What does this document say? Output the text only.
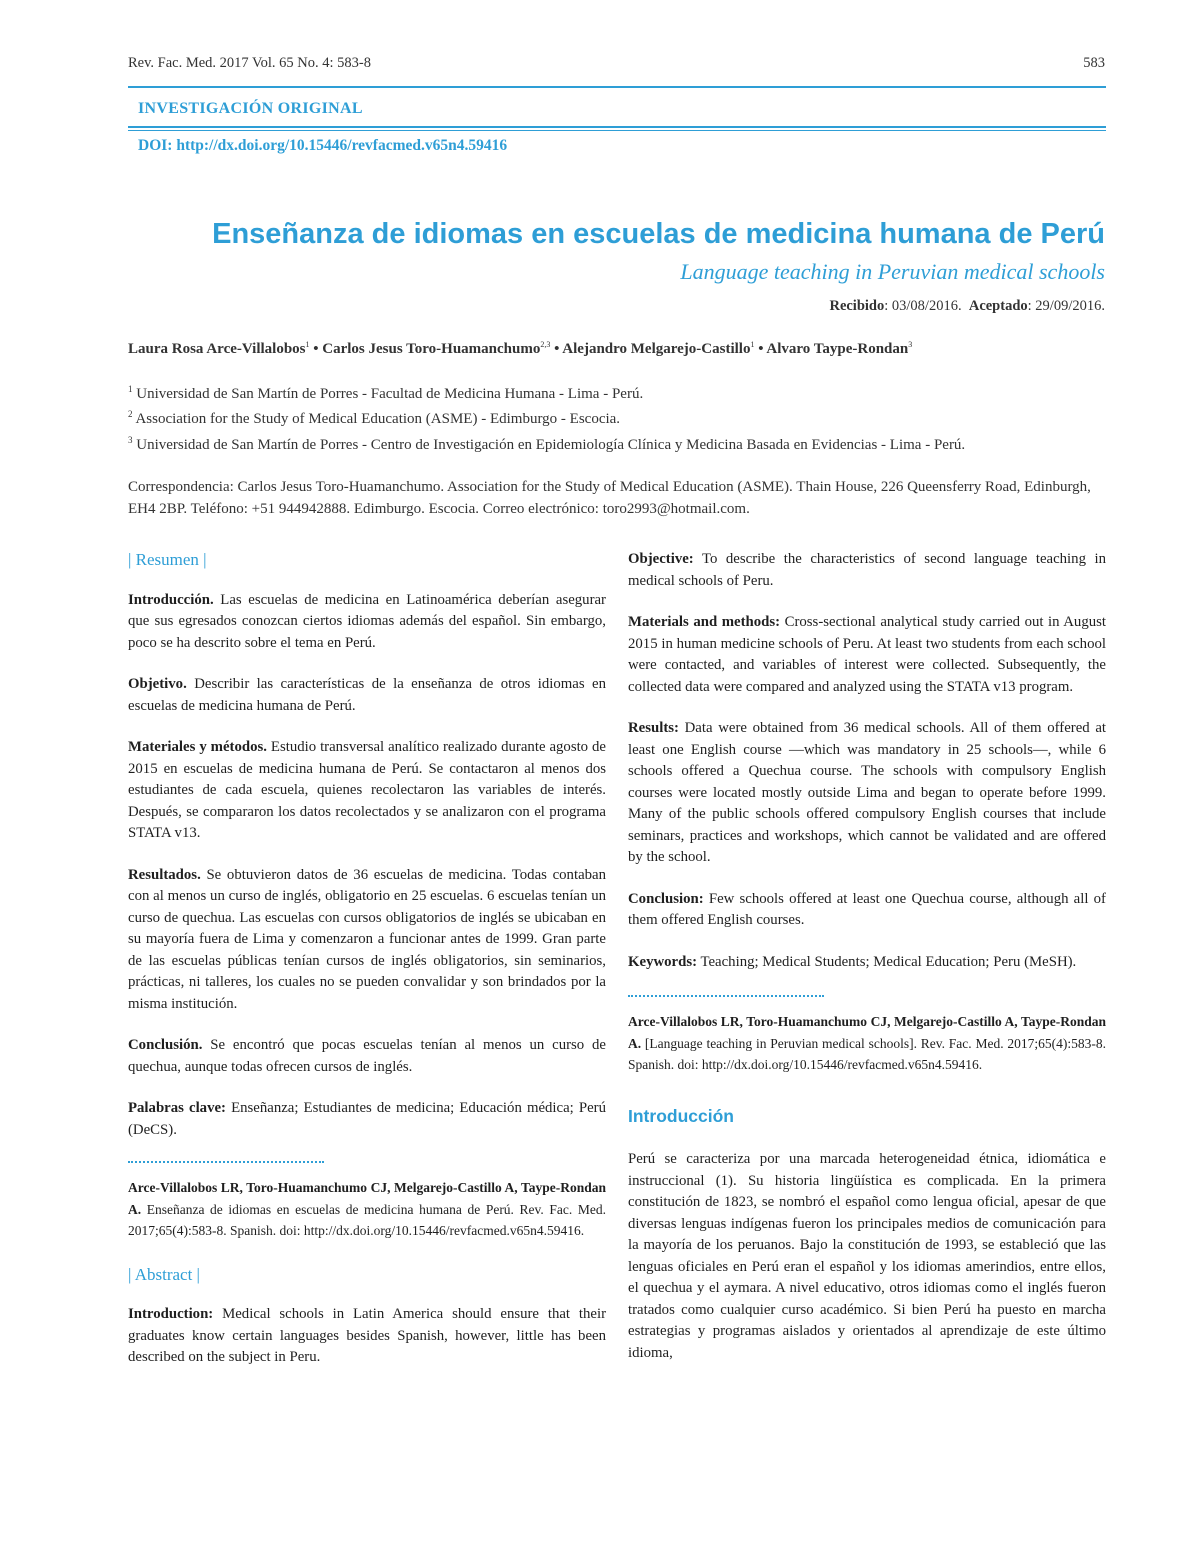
Rev. Fac. Med. 2017 Vol. 65 No. 4: 583-8	583
INVESTIGACIÓN ORIGINAL
DOI: http://dx.doi.org/10.15446/revfacmed.v65n4.59416
Enseñanza de idiomas en escuelas de medicina humana de Perú
Language teaching in Peruvian medical schools
Recibido: 03/08/2016. Aceptado: 29/09/2016.
Laura Rosa Arce-Villalobos$^1$ • Carlos Jesus Toro-Huamanchumo$^{2,3}$ • Alejandro Melgarejo-Castillo$^1$ • Alvaro Taype-Rondan$^3$
$^1$ Universidad de San Martín de Porres - Facultad de Medicina Humana - Lima - Perú.
$^2$ Association for the Study of Medical Education (ASME) - Edimburgo - Escocia.
$^3$ Universidad de San Martín de Porres - Centro de Investigación en Epidemiología Clínica y Medicina Basada en Evidencias - Lima - Perú.
Correspondencia: Carlos Jesus Toro-Huamanchumo. Association for the Study of Medical Education (ASME). Thain House, 226 Queensferry Road, Edinburgh, EH4 2BP. Teléfono: +51 944942888. Edimburgo. Escocia. Correo electrónico: toro2993@hotmail.com.
| Resumen |

Introducción. Las escuelas de medicina en Latinoamérica deberían asegurar que sus egresados conozcan ciertos idiomas además del español. Sin embargo, poco se ha descrito sobre el tema en Perú.

Objetivo. Describir las características de la enseñanza de otros idiomas en escuelas de medicina humana de Perú.

Materiales y métodos. Estudio transversal analítico realizado durante agosto de 2015 en escuelas de medicina humana de Perú. Se contactaron al menos dos estudiantes de cada escuela, quienes recolectaron las variables de interés. Después, se compararon los datos recolectados y se analizaron con el programa STATA v13.

Resultados. Se obtuvieron datos de 36 escuelas de medicina. Todas contaban con al menos un curso de inglés, obligatorio en 25 escuelas. 6 escuelas tenían un curso de quechua. Las escuelas con cursos obligatorios de inglés se ubicaban en su mayoría fuera de Lima y comenzaron a funcionar antes de 1999. Gran parte de las escuelas públicas tenían cursos de inglés obligatorios, sin seminarios, prácticas, ni talleres, los cuales no se pueden convalidar y son brindados por la misma institución.

Conclusión. Se encontró que pocas escuelas tenían al menos un curso de quechua, aunque todas ofrecen cursos de inglés.

Palabras clave: Enseñanza; Estudiantes de medicina; Educación médica; Perú (DeCS).

Arce-Villalobos LR, Toro-Huamanchumo CJ, Melgarejo-Castillo A, Taype-Rondan A. Enseñanza de idiomas en escuelas de medicina humana de Perú. Rev. Fac. Med. 2017;65(4):583-8. Spanish. doi: http://dx.doi.org/10.15446/revfacmed.v65n4.59416.

| Abstract |

Introduction: Medical schools in Latin America should ensure that their graduates know certain languages besides Spanish, however, little has been described on the subject in Peru.

Objective: To describe the characteristics of second language teaching in medical schools of Peru.

Materials and methods: Cross-sectional analytical study carried out in August 2015 in human medicine schools of Peru. At least two students from each school were contacted, and variables of interest were collected. Subsequently, the collected data were compared and analyzed using the STATA v13 program.

Results: Data were obtained from 36 medical schools. All of them offered at least one English course —which was mandatory in 25 schools—, while 6 schools offered a Quechua course. The schools with compulsory English courses were located mostly outside Lima and began to operate before 1999. Many of the public schools offered compulsory English courses that include seminars, practices and workshops, which cannot be validated and are offered by the school.

Conclusion: Few schools offered at least one Quechua course, although all of them offered English courses.

Keywords: Teaching; Medical Students; Medical Education; Peru (MeSH).

Arce-Villalobos LR, Toro-Huamanchumo CJ, Melgarejo-Castillo A, Taype-Rondan A. [Language teaching in Peruvian medical schools]. Rev. Fac. Med. 2017;65(4):583-8. Spanish. doi: http://dx.doi.org/10.15446/revfacmed.v65n4.59416.

Introducción

Perú se caracteriza por una marcada heterogeneidad étnica, idiomática e instruccional (1). Su historia lingüística es complicada. En la primera constitución de 1823, se nombró el español como lengua oficial, apesar de que diversas lenguas indígenas fueron los principales medios de comunicación para la mayoría de los peruanos. Bajo la constitución de 1993, se estableció que las lenguas oficiales en Perú eran el español y los idiomas amerindios, entre ellos, el quechua y el aymara. A nivel educativo, otros idiomas como el inglés fueron tratados como cualquier curso académico. Si bien Perú ha puesto en marcha estrategias y programas aislados y orientados al aprendizaje de este último idioma,
